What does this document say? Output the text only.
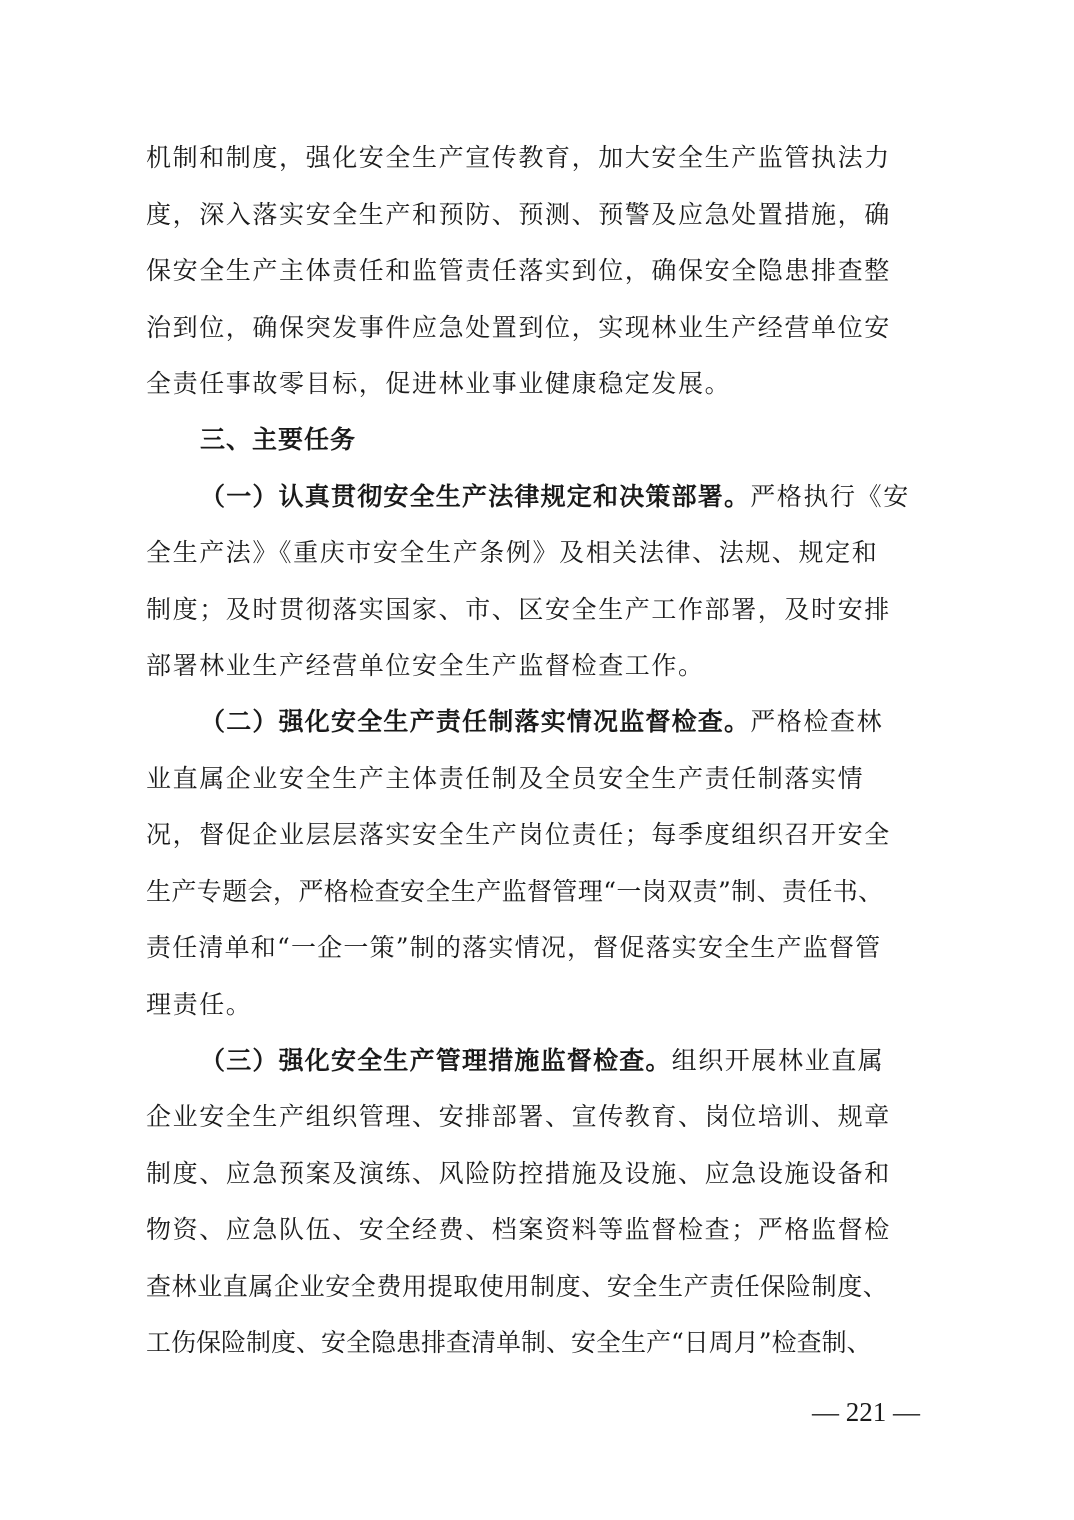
机制和制度，强化安全生产宣传教育，加大安全生产监管执法力
度，深入落实安全生产和预防、预测、预警及应急处置措施，确
保安全生产主体责任和监管责任落实到位，确保安全隐患排查整
治到位，确保突发事件应急处置到位，实现林业生产经营单位安
全责任事故零目标，促进林业事业健康稳定发展。
三、主要任务
（一）认真贯彻安全生产法律规定和决策部署。严格执行《安
全生产法》《重庆市安全生产条例》及相关法律、法规、规定和
制度；及时贯彻落实国家、市、区安全生产工作部署，及时安排
部署林业生产经营单位安全生产监督检查工作。
（二）强化安全生产责任制落实情况监督检查。严格检查林
业直属企业安全生产主体责任制及全员安全生产责任制落实情
况，督促企业层层落实安全生产岗位责任；每季度组织召开安全
生产专题会，严格检查安全生产监督管理“一岗双责”制、责任书、
责任清单和“一企一策”制的落实情况，督促落实安全生产监督管
理责任。
（三）强化安全生产管理措施监督检查。组织开展林业直属
企业安全生产组织管理、安排部署、宣传教育、岗位培训、规章
制度、应急预案及演练、风险防控措施及设施、应急设施设备和
物资、应急队伍、安全经费、档案资料等监督检查；严格监督检
查林业直属企业安全费用提取使用制度、安全生产责任保险制度、
工伤保险制度、安全隐患排查清单制、安全生产“日周月”检查制、
— 221 —
